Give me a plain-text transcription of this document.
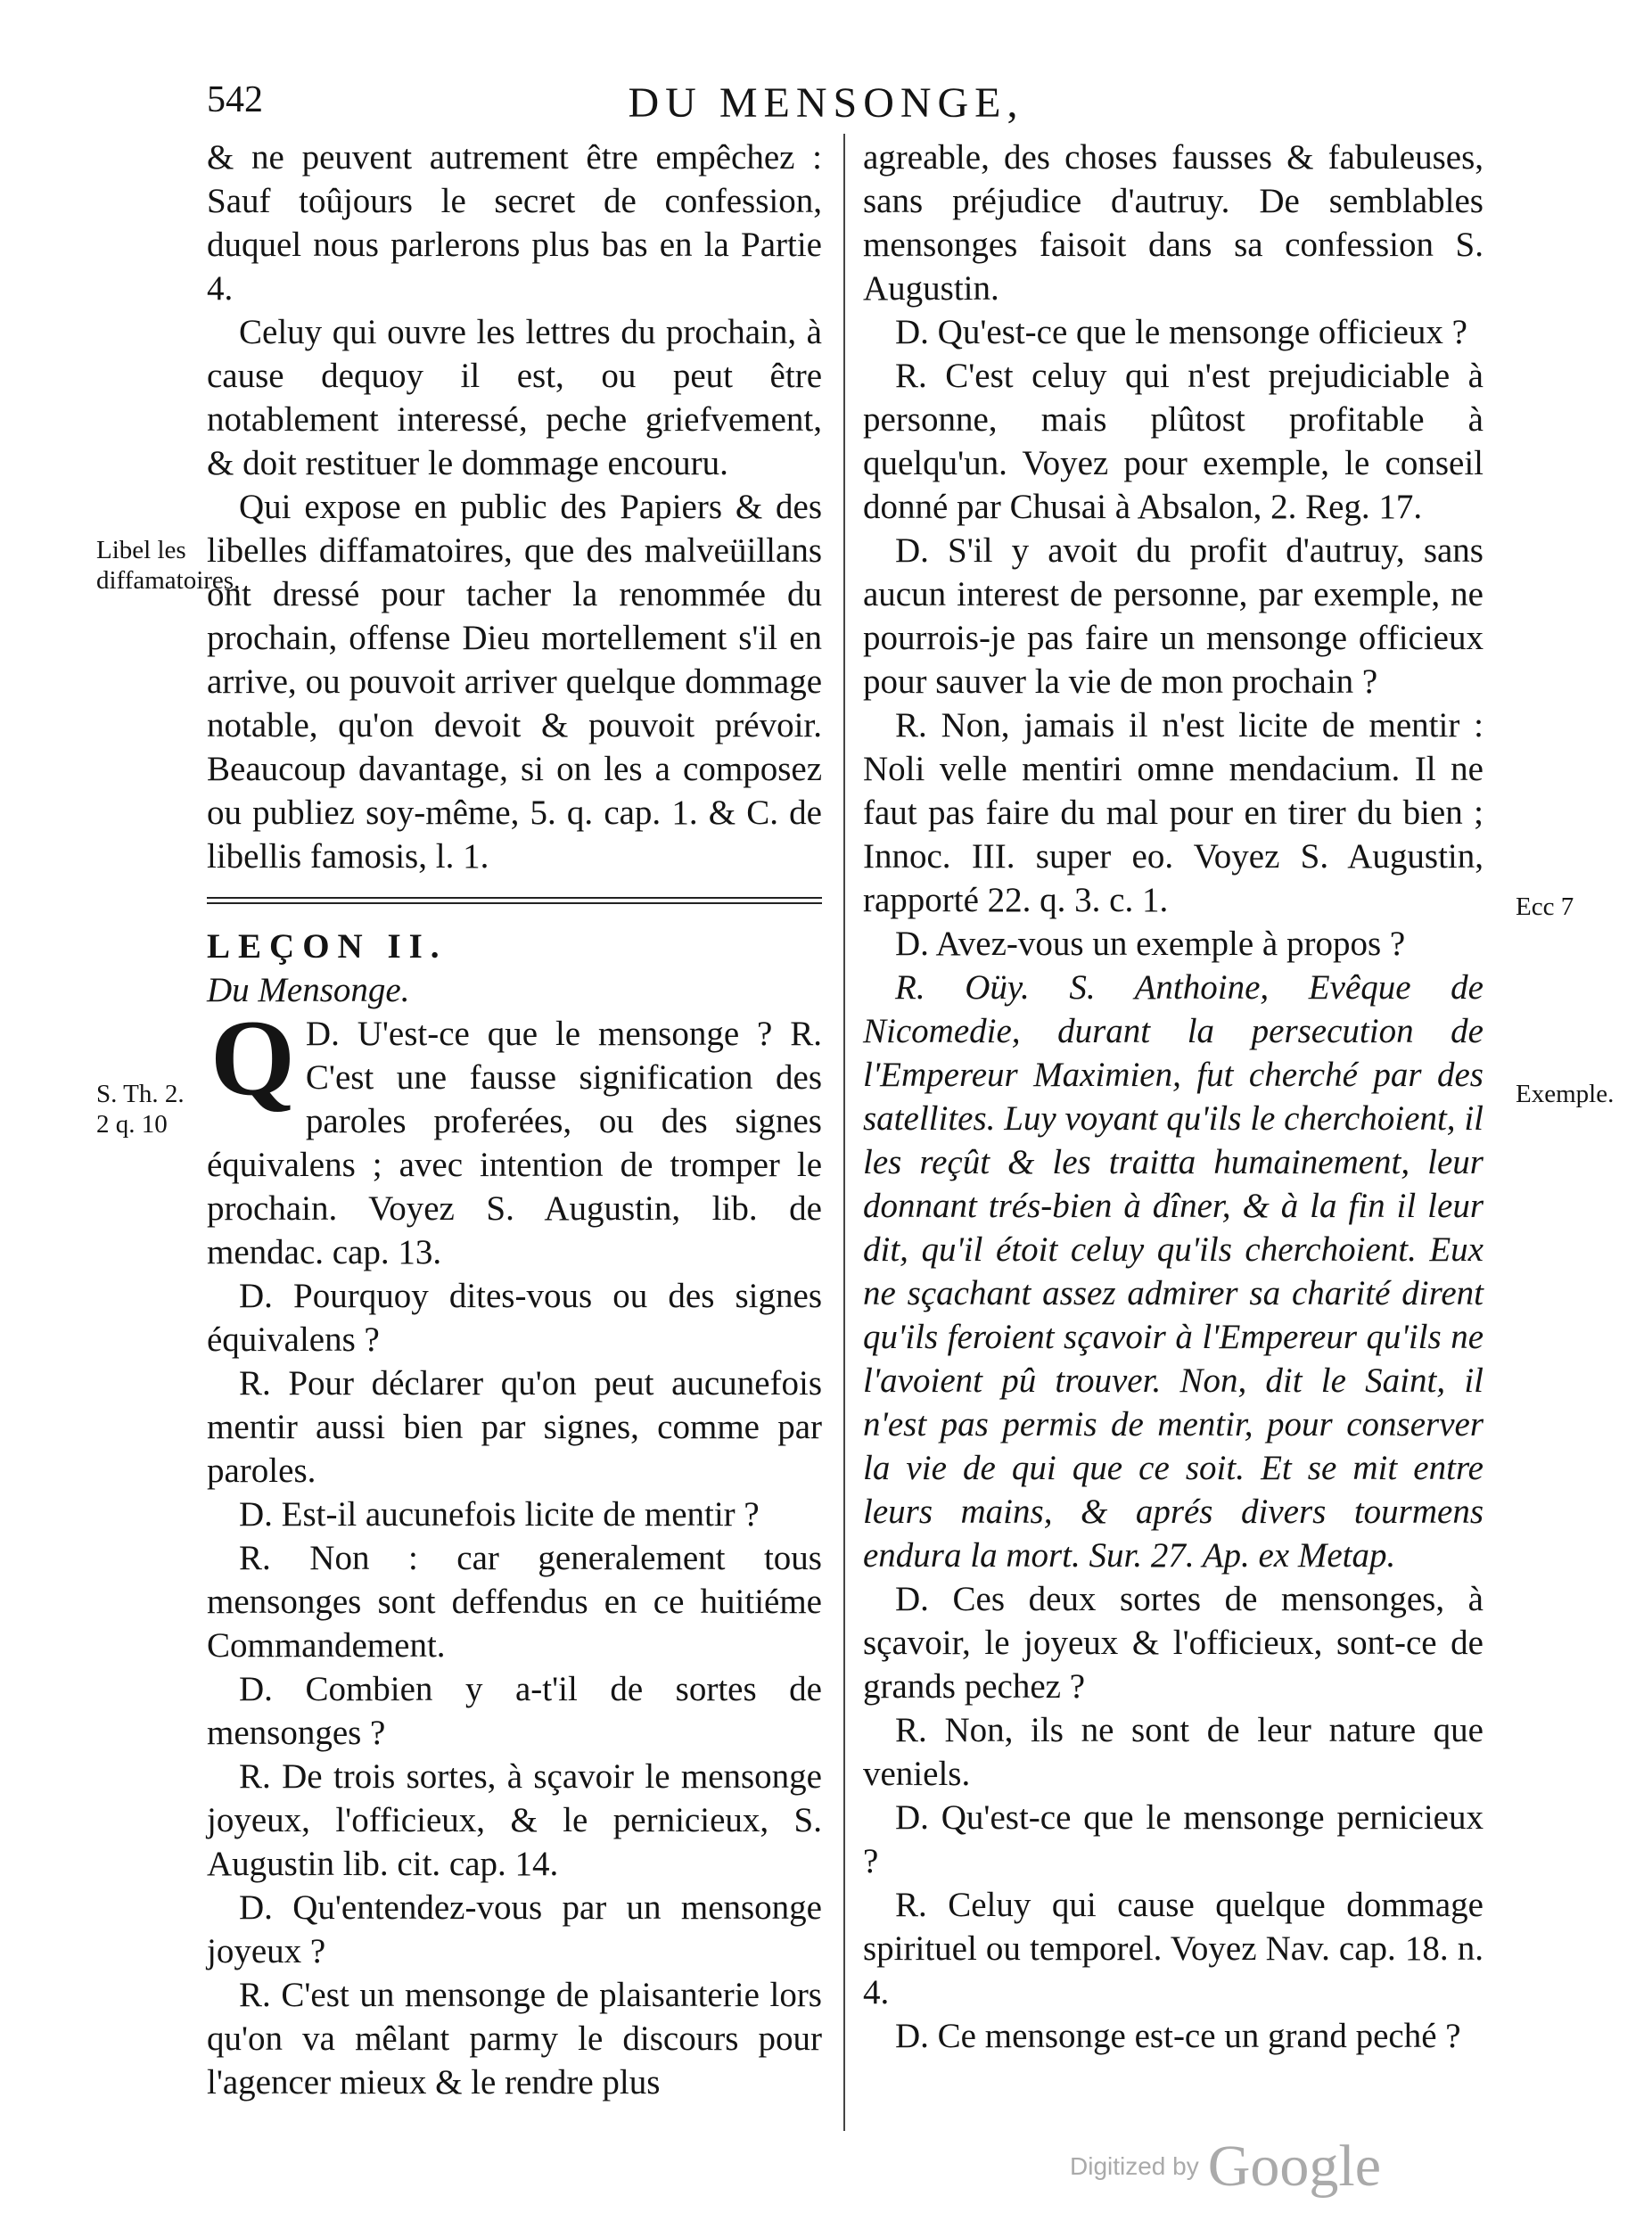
542	DU MENSONGE,
Libel les diffamatoires.
S. Th. 2. 2 q. 10
Ecc 7
Exemple.

& ne peuvent autrement être empêchez : Sauf toûjours le secret de confession, duquel nous parlerons plus bas en la Partie 4.

Celuy qui ouvre les lettres du prochain, à cause dequoy il est, ou peut être notablement interessé, peche griefvement, & doit restituer le dommage encouru.

Qui expose en public des Papiers & des libelles diffamatoires, que des malveüillans ont dressé pour tacher la renommée du prochain, offense Dieu mortellement s'il en arrive, ou pouvoit arriver quelque dommage notable, qu'on devoit & pouvoit prévoir. Beaucoup davantage, si on les a composez ou publiez soy-même, 5. q. cap. 1. & C. de libellis famosis, l. 1.

LEÇON II.

Du Mensonge.

D.
Q U'est-ce que le mensonge ? R. C'est une fausse signification des paroles proferées, ou des signes équivalens ; avec intention de tromper le prochain. Voyez S. Augustin, lib. de mendac. cap. 13.

D. Pourquoy dites-vous ou des signes équivalens ?

R. Pour déclarer qu'on peut aucunefois mentir aussi bien par signes, comme par paroles.

D. Est-il aucunefois licite de mentir ?

R. Non : car generalement tous mensonges sont deffendus en ce huitiéme Commandement.

D. Combien y a-t'il de sortes de mensonges ?

R. De trois sortes, à sçavoir le mensonge joyeux, l'officieux, & le pernicieux, S. Augustin lib. cit. cap. 14.

D. Qu'entendez-vous par un mensonge joyeux ?

R. C'est un mensonge de plaisanterie lors qu'on va mêlant parmy le discours pour l'agencer mieux & le rendre plus

agreable, des choses fausses & fabuleuses, sans préjudice d'autruy. De semblables mensonges faisoit dans sa confession S. Augustin.

D. Qu'est-ce que le mensonge officieux ?

R. C'est celuy qui n'est prejudiciable à personne, mais plûtost profitable à quelqu'un. Voyez pour exemple, le conseil donné par Chusai à Absalon, 2. Reg. 17.

D. S'il y avoit du profit d'autruy, sans aucun interest de personne, par exemple, ne pourrois-je pas faire un mensonge officieux pour sauver la vie de mon prochain ?

R. Non, jamais il n'est licite de mentir : Noli velle mentiri omne mendacium. Il ne faut pas faire du mal pour en tirer du bien ; Innoc. III. super eo. Voyez S. Augustin, rapporté 22. q. 3. c. 1.

D. Avez-vous un exemple à propos ?

R. Oüy. S. Anthoine, Evêque de Nicomedie, durant la persecution de l'Empereur Maximien, fut cherché par des satellites. Luy voyant qu'ils le cherchoient, il les reçût & les traitta humainement, leur donnant trés-bien à dîner, & à la fin il leur dit, qu'il étoit celuy qu'ils cherchoient. Eux ne sçachant assez admirer sa charité dirent qu'ils feroient sçavoir à l'Empereur qu'ils ne l'avoient pû trouver. Non, dit le Saint, il n'est pas permis de mentir, pour conserver la vie de qui que ce soit. Et se mit entre leurs mains, & aprés divers tourmens endura la mort. Sur. 27. Ap. ex Metap.

D. Ces deux sortes de mensonges, à sçavoir, le joyeux & l'officieux, sont-ce de grands pechez ?

R. Non, ils ne sont de leur nature que veniels.

D. Qu'est-ce que le mensonge pernicieux ?

R. Celuy qui cause quelque dommage spirituel ou temporel. Voyez Nav. cap. 18. n. 4.

D. Ce mensonge est-ce un grand peché ?

Digitized by Google
